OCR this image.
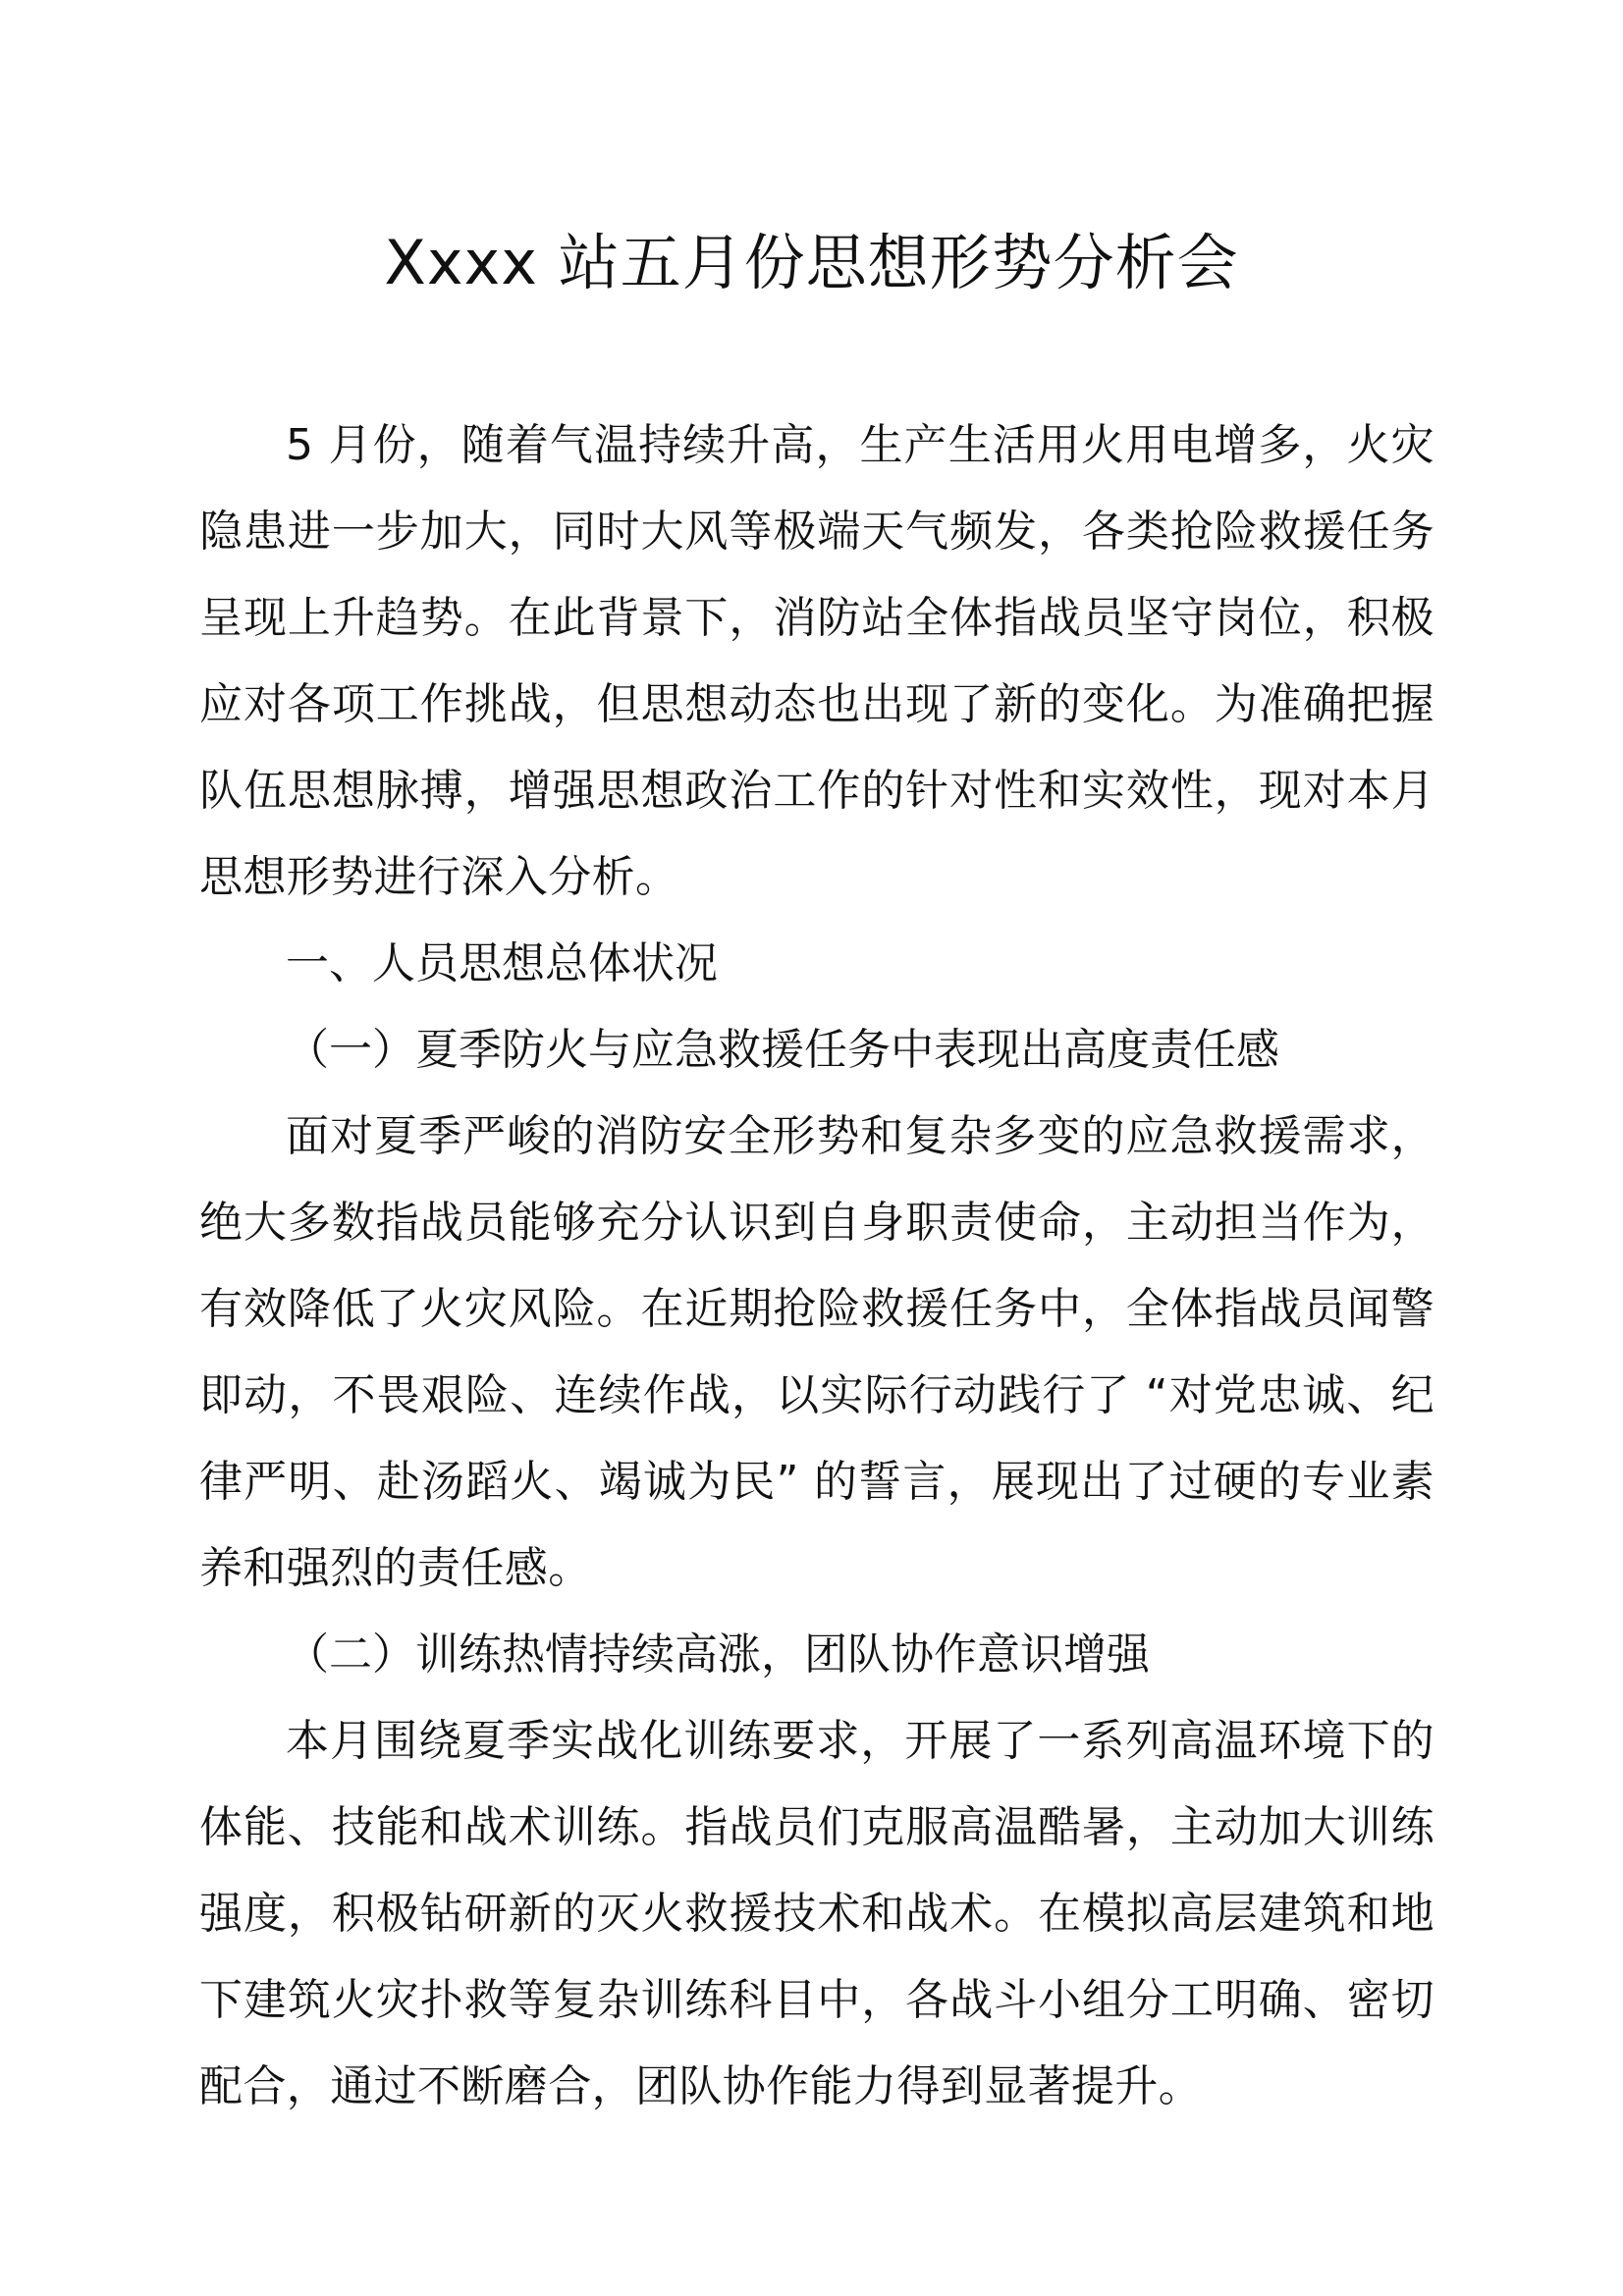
Xxxx 站五月份思想形势分析会

5 月份，随着气温持续升高，生产生活用火用电增多，火灾隐患进一步加大，同时大风等极端天气频发，各类抢险救援任务呈现上升趋势。在此背景下，消防站全体指战员坚守岗位，积极应对各项工作挑战，但思想动态也出现了新的变化。为准确把握队伍思想脉搏，增强思想政治工作的针对性和实效性，现对本月思想形势进行深入分析。

一、人员思想总体状况

（一）夏季防火与应急救援任务中表现出高度责任感

面对夏季严峻的消防安全形势和复杂多变的应急救援需求，绝大多数指战员能够充分认识到自身职责使命，主动担当作为，有效降低了火灾风险。在近期抢险救援任务中，全体指战员闻警即动，不畏艰险、连续作战，以实际行动践行了 “对党忠诚、纪律严明、赴汤蹈火、竭诚为民” 的誓言，展现出了过硬的专业素养和强烈的责任感。

（二）训练热情持续高涨，团队协作意识增强

本月围绕夏季实战化训练要求，开展了一系列高温环境下的体能、技能和战术训练。指战员们克服高温酷暑，主动加大训练强度，积极钻研新的灭火救援技术和战术。在模拟高层建筑和地下建筑火灾扑救等复杂训练科目中，各战斗小组分工明确、密切配合，通过不断磨合，团队协作能力得到显著提升。
